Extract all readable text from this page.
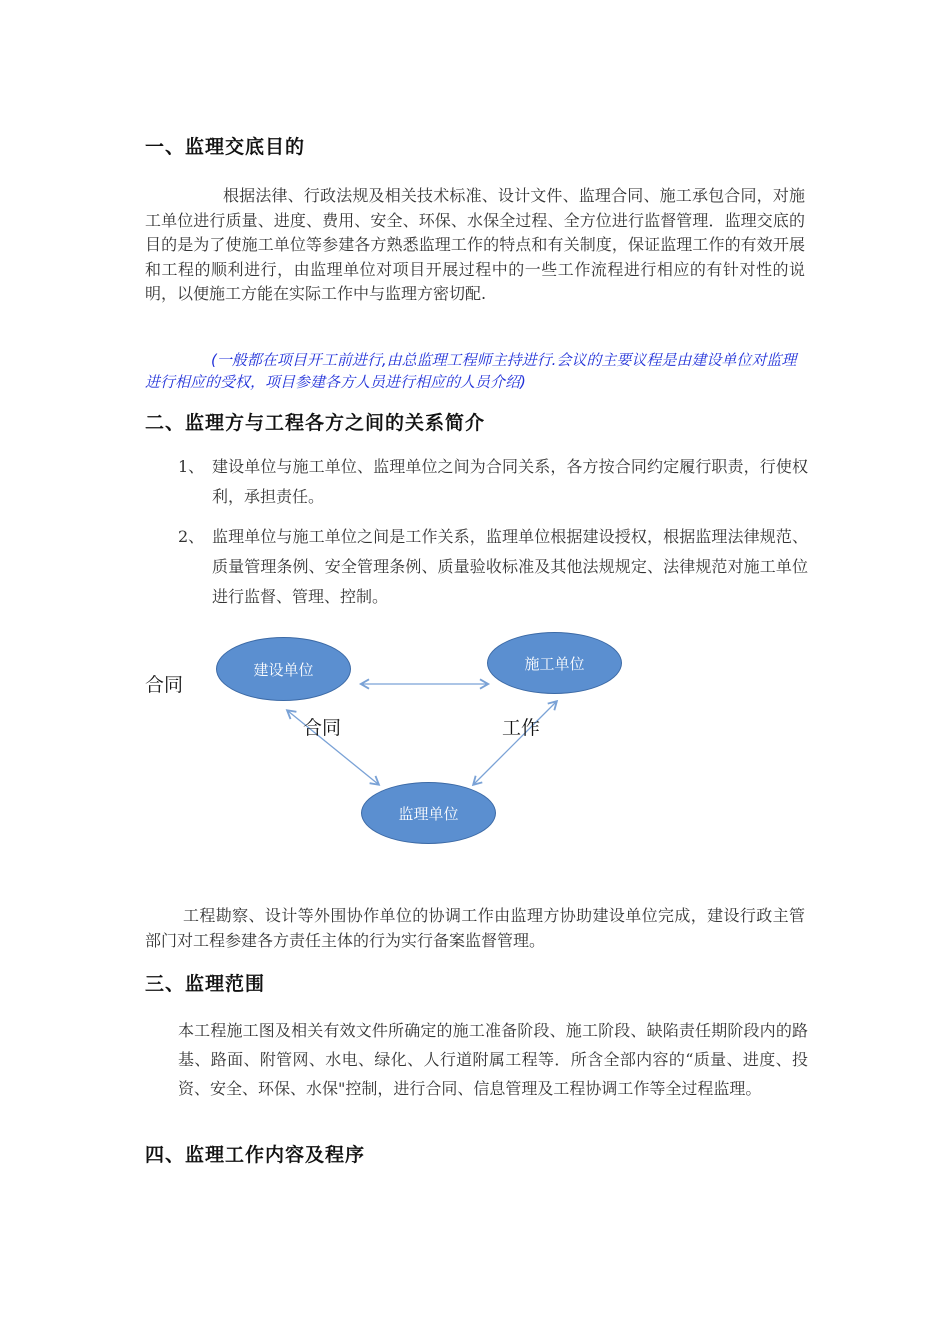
一、监理交底目的
根据法律、行政法规及相关技术标准、设计文件、监理合同、施工承包合同，对施工单位进行质量、进度、费用、安全、环保、水保全过程、全方位进行监督管理．监理交底的目的是为了使施工单位等参建各方熟悉监理工作的特点和有关制度，保证监理工作的有效开展和工程的顺利进行，由监理单位对项目开展过程中的一些工作流程进行相应的有针对性的说明，以便施工方能在实际工作中与监理方密切配.
(一般都在项目开工前进行,由总监理工程师主持进行.会议的主要议程是由建设单位对监理进行相应的受权，项目参建各方人员进行相应的人员介绍)
二、监理方与工程各方之间的关系简介
1、 建设单位与施工单位、监理单位之间为合同关系，各方按合同约定履行职责，行使权利，承担责任。
2、 监理单位与施工单位之间是工作关系，监理单位根据建设授权，根据监理法律规范、质量管理条例、安全管理条例、质量验收标准及其他法规规定、法律规范对施工单位进行监督、管理、控制。
建设单位	施工单位
监理单位
合同
合同	工作
工程勘察、设计等外围协作单位的协调工作由监理方协助建设单位完成，建设行政主管部门对工程参建各方责任主体的行为实行备案监督管理。
三、监理范围
本工程施工图及相关有效文件所确定的施工准备阶段、施工阶段、缺陷责任期阶段内的路基、路面、附管网、水电、绿化、人行道附属工程等．所含全部内容的“质量、进度、投资、安全、环保、水保"控制，进行合同、信息管理及工程协调工作等全过程监理。
四、监理工作内容及程序
